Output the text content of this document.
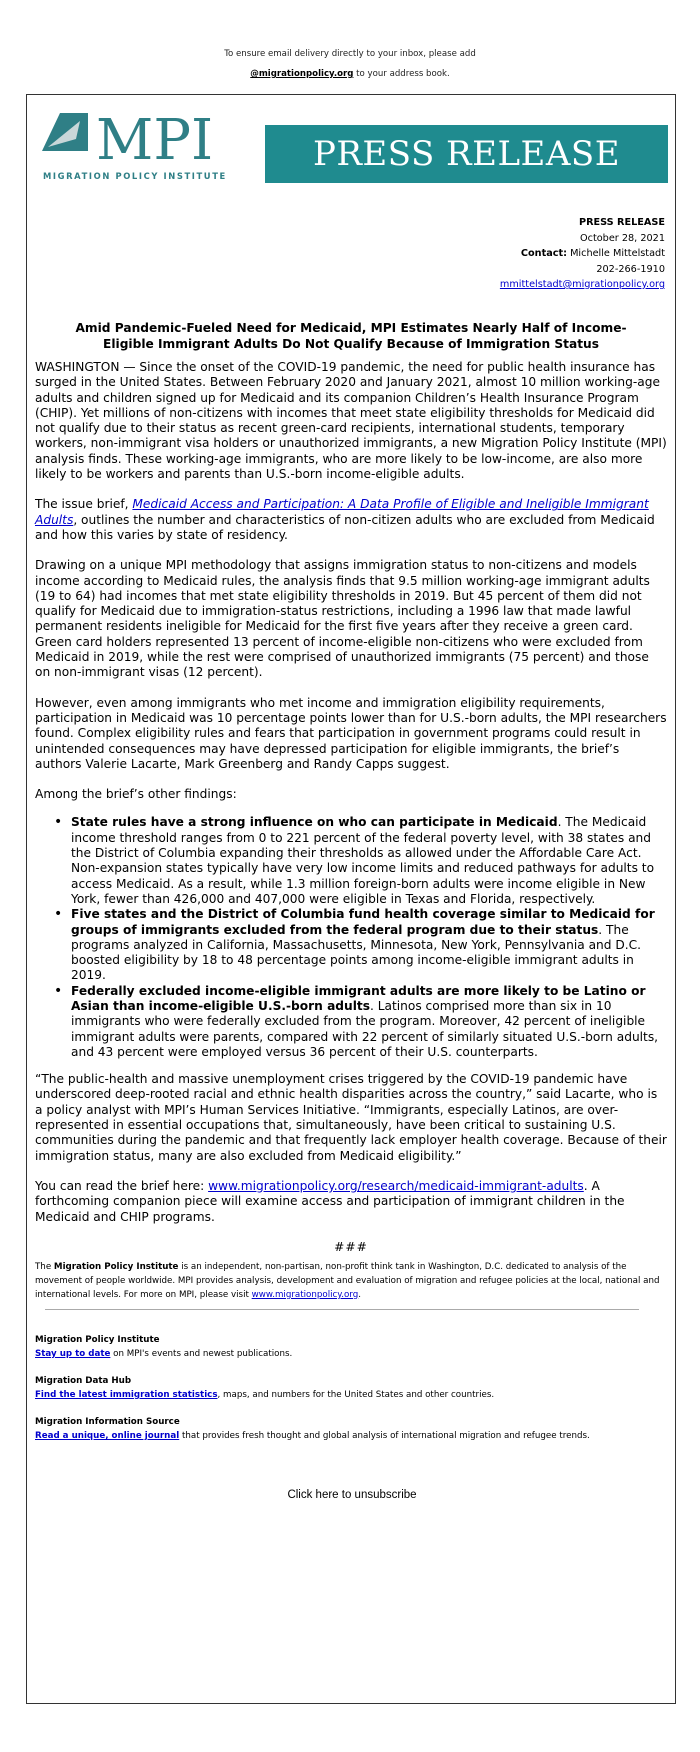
To ensure email delivery directly to your inbox, please add
@migrationpolicy.org to your address book.
MPI
MIGRATION POLICY INSTITUTE
PRESS RELEASE
PRESS RELEASE
October 28, 2021
Contact: Michelle Mittelstadt
202-266-1910
mmittelstadt@migrationpolicy.org
Amid Pandemic-Fueled Need for Medicaid, MPI Estimates Nearly Half of Income-Eligible Immigrant Adults Do Not Qualify Because of Immigration Status

WASHINGTON — Since the onset of the COVID-19 pandemic, the need for public health insurance has surged in the United States. Between February 2020 and January 2021, almost 10 million working-age adults and children signed up for Medicaid and its companion Children’s Health Insurance Program (CHIP). Yet millions of non-citizens with incomes that meet state eligibility thresholds for Medicaid did not qualify due to their status as recent green-card recipients, international students, temporary workers, non-immigrant visa holders or unauthorized immigrants, a new Migration Policy Institute (MPI) analysis finds. These working-age immigrants, who are more likely to be low-income, are also more likely to be workers and parents than U.S.-born income-eligible adults.

The issue brief, Medicaid Access and Participation: A Data Profile of Eligible and Ineligible Immigrant Adults, outlines the number and characteristics of non-citizen adults who are excluded from Medicaid and how this varies by state of residency.

Drawing on a unique MPI methodology that assigns immigration status to non-citizens and models income according to Medicaid rules, the analysis finds that 9.5 million working-age immigrant adults (19 to 64) had incomes that met state eligibility thresholds in 2019. But 45 percent of them did not qualify for Medicaid due to immigration-status restrictions, including a 1996 law that made lawful permanent residents ineligible for Medicaid for the first five years after they receive a green card. Green card holders represented 13 percent of income-eligible non-citizens who were excluded from Medicaid in 2019, while the rest were comprised of unauthorized immigrants (75 percent) and those on non-immigrant visas (12 percent).

However, even among immigrants who met income and immigration eligibility requirements, participation in Medicaid was 10 percentage points lower than for U.S.-born adults, the MPI researchers found. Complex eligibility rules and fears that participation in government programs could result in unintended consequences may have depressed participation for eligible immigrants, the brief’s authors Valerie Lacarte, Mark Greenberg and Randy Capps suggest.

Among the brief’s other findings:

• State rules have a strong influence on who can participate in Medicaid. The Medicaid income threshold ranges from 0 to 221 percent of the federal poverty level, with 38 states and the District of Columbia expanding their thresholds as allowed under the Affordable Care Act. Non-expansion states typically have very low income limits and reduced pathways for adults to access Medicaid. As a result, while 1.3 million foreign-born adults were income eligible in New York, fewer than 426,000 and 407,000 were eligible in Texas and Florida, respectively.
• Five states and the District of Columbia fund health coverage similar to Medicaid for groups of immigrants excluded from the federal program due to their status. The programs analyzed in California, Massachusetts, Minnesota, New York, Pennsylvania and D.C. boosted eligibility by 18 to 48 percentage points among income-eligible immigrant adults in 2019.
• Federally excluded income-eligible immigrant adults are more likely to be Latino or Asian than income-eligible U.S.-born adults. Latinos comprised more than six in 10 immigrants who were federally excluded from the program. Moreover, 42 percent of ineligible immigrant adults were parents, compared with 22 percent of similarly situated U.S.-born adults, and 43 percent were employed versus 36 percent of their U.S. counterparts.

“The public-health and massive unemployment crises triggered by the COVID-19 pandemic have underscored deep-rooted racial and ethnic health disparities across the country,” said Lacarte, who is a policy analyst with MPI’s Human Services Initiative. “Immigrants, especially Latinos, are over-represented in essential occupations that, simultaneously, have been critical to sustaining U.S. communities during the pandemic and that frequently lack employer health coverage. Because of their immigration status, many are also excluded from Medicaid eligibility.”

You can read the brief here: www.migrationpolicy.org/research/medicaid-immigrant-adults. A forthcoming companion piece will examine access and participation of immigrant children in the Medicaid and CHIP programs.

###

The Migration Policy Institute is an independent, non-partisan, non-profit think tank in Washington, D.C. dedicated to analysis of the movement of people worldwide. MPI provides analysis, development and evaluation of migration and refugee policies at the local, national and international levels. For more on MPI, please visit www.migrationpolicy.org.

Migration Policy Institute
Stay up to date on MPI's events and newest publications.
Migration Data Hub
Find the latest immigration statistics, maps, and numbers for the United States and other countries.
Migration Information Source
Read a unique, online journal that provides fresh thought and global analysis of international migration and refugee trends.
Click here to unsubscribe
